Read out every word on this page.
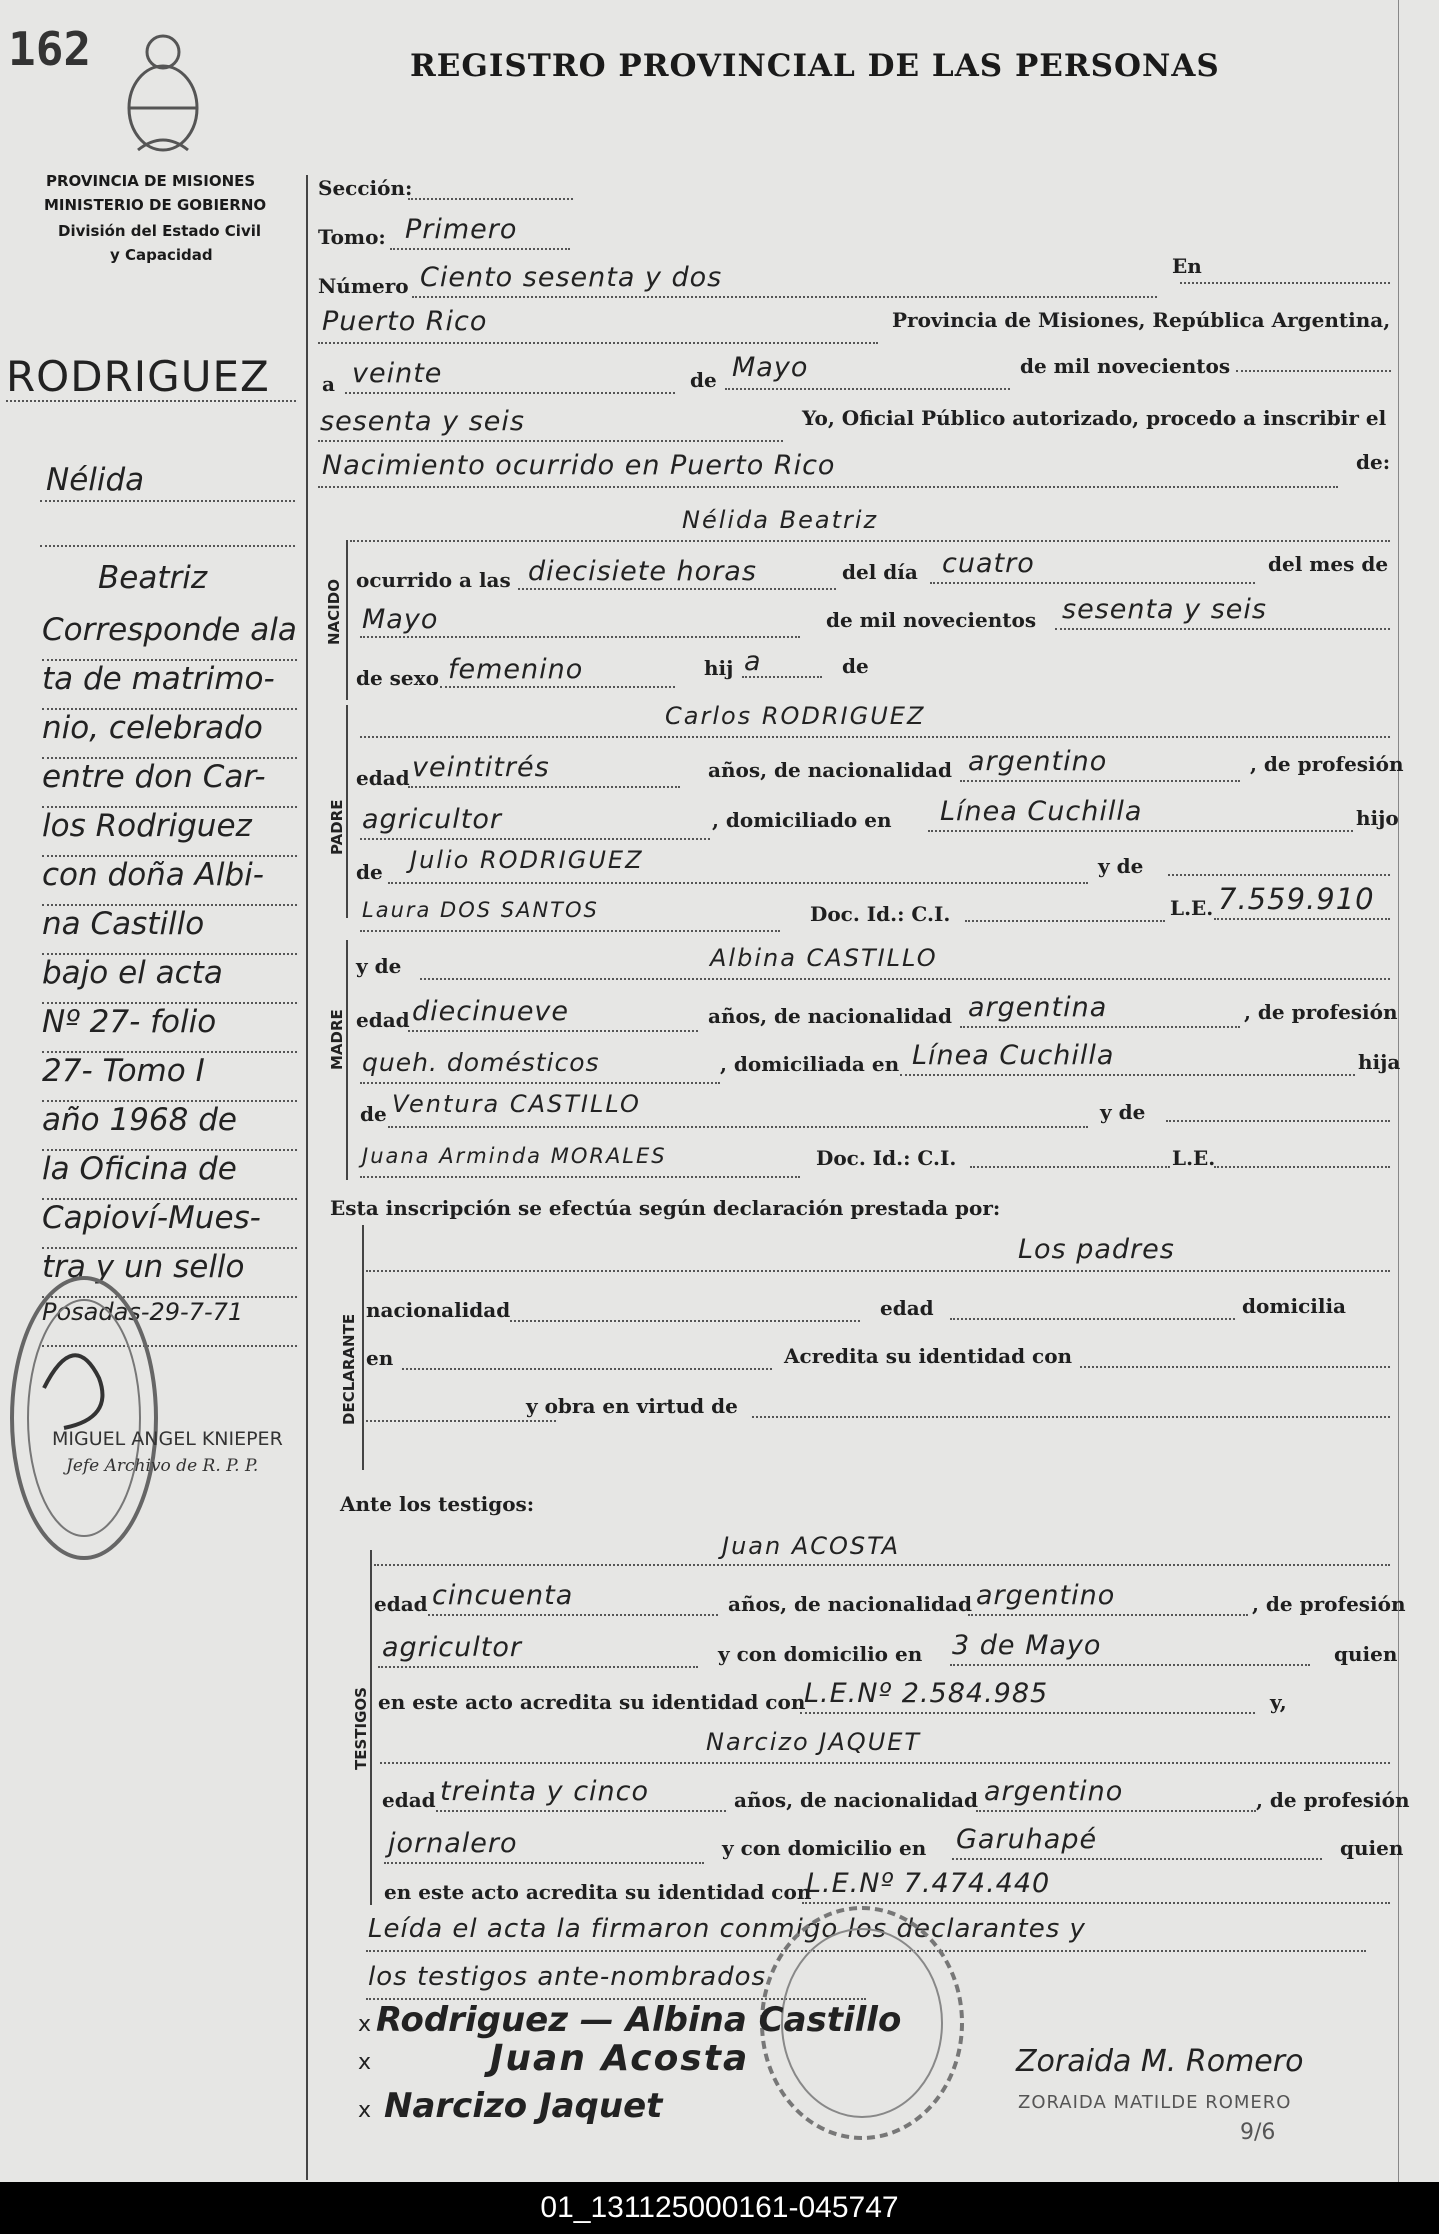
162	REGISTRO PROVINCIAL DE LAS PERSONAS
PROVINCIA DE MISIONES
MINISTERIO DE GOBIERNO
División del Estado Civil
y Capacidad
RODRIGUEZ
Nélida
Beatriz
Corresponde ala
ta de matrimo-
nio, celebrado
entre don Car-
los Rodriguez
con doña Albi-
na Castillo
bajo el acta
Nº 27- folio
27- Tomo I
año 1968 de
la Oficina de
Capioví-Mues-
tra y un sello
Posadas-29-7-71
MIGUEL ANGEL KNIEPER
Jefe Archivo de R. P. P.
NACIDO
PADRE
MADRE
DECLARANTE
TESTIGOS
Sección:
Tomo: Primero
Número Ciento sesenta y dos	En
Puerto Rico	Provincia de Misiones, República Argentina,
a veinte	de Mayo	de mil novecientos
sesenta y seis	Yo, Oficial Público autorizado, procedo a inscribir el
Nacimiento ocurrido en Puerto Rico	de:
Nélida Beatriz
ocurrido a las diecisiete horas	del día cuatro	del mes de
Mayo	de mil novecientos sesenta y seis
de sexo femenino	hij a	de
Carlos RODRIGUEZ
edad veintitrés	años, de nacionalidad argentino	, de profesión
agricultor	, domiciliado en Línea Cuchilla	hijo
de Julio RODRIGUEZ	y de
Laura DOS SANTOS	Doc. Id.: C.I.	L.E. 7.559.910
y de	Albina CASTILLO
edad diecinueve	años, de nacionalidad argentina	, de profesión
queh. domésticos	, domiciliada en Línea Cuchilla	hija
de Ventura CASTILLO	y de
Juana Arminda MORALES	Doc. Id.: C.I.	L.E.
Esta inscripción se efectúa según declaración prestada por:
Los padres
nacionalidad	edad	domicilia
en	Acredita su identidad con
y obra en virtud de
Ante los testigos:
Juan ACOSTA
edad cincuenta	años, de nacionalidad argentino	, de profesión
agricultor	y con domicilio en 3 de Mayo	quien
en este acto acredita su identidad con
L.E.Nº 2.584.985	y,
Narcizo JAQUET
edad treinta y cinco	años, de nacionalidad argentino	, de profesión
jornalero	y con domicilio en Garuhapé	quien
en este acto acredita su identidad con
L.E.Nº 7.474.440
Leída el acta la firmaron conmigo los declarantes y
los testigos ante-nombrados
x Rodriguez — Albina Castillo
x	Juan Acosta
x Narcizo Jaquet
Zoraida M. Romero
ZORAIDA MATILDE ROMERO
9/6
01_131125000161-045747
